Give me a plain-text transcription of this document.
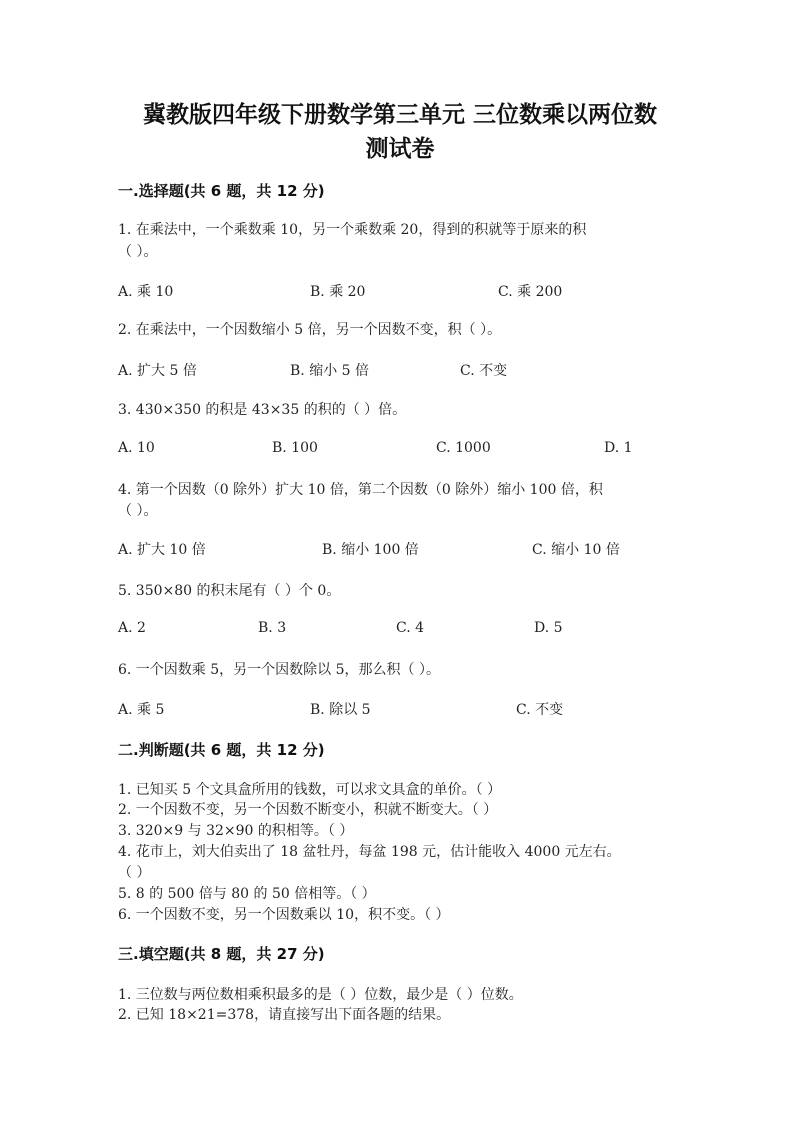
冀教版四年级下册数学第三单元 三位数乘以两位数
测试卷
一.选择题(共 6 题，共 12 分)
1. 在乘法中，一个乘数乘 10，另一个乘数乘 20，得到的积就等于原来的积
（ ）。
A. 乘 10	B. 乘 20	C. 乘 200
2. 在乘法中，一个因数缩小 5 倍，另一个因数不变，积（ ）。
A. 扩大 5 倍	B. 缩小 5 倍	C. 不变
3. 430×350 的积是 43×35 的积的（ ）倍。
A. 10	B. 100	C. 1000	D. 1
4. 第一个因数（0 除外）扩大 10 倍，第二个因数（0 除外）缩小 100 倍，积
（ ）。
A. 扩大 10 倍	B. 缩小 100 倍	C. 缩小 10 倍
5. 350×80 的积末尾有（ ）个 0。
A. 2	B. 3	C. 4	D. 5
6. 一个因数乘 5，另一个因数除以 5，那么积（ ）。
A. 乘 5	B. 除以 5	C. 不变
二.判断题(共 6 题，共 12 分)
1. 已知买 5 个文具盒所用的钱数，可以求文具盒的单价。（ ）
2. 一个因数不变，另一个因数不断变小，积就不断变大。（ ）
3. 320×9 与 32×90 的积相等。（ ）
4. 花市上，刘大伯卖出了 18 盆牡丹，每盆 198 元，估计能收入 4000 元左右。
（ ）
5. 8 的 500 倍与 80 的 50 倍相等。（ ）
6. 一个因数不变，另一个因数乘以 10，积不变。（ ）
三.填空题(共 8 题，共 27 分)
1. 三位数与两位数相乘积最多的是（ ）位数，最少是（ ）位数。
2. 已知 18×21=378，请直接写出下面各题的结果。
